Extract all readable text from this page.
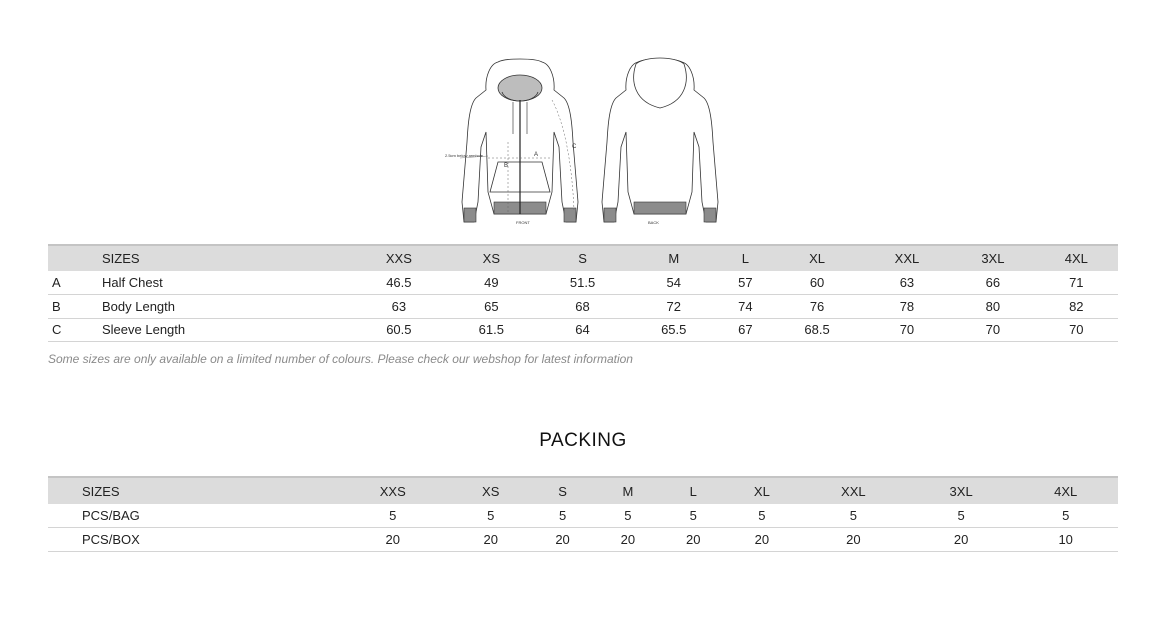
2.5cm below armhole	A
B
C
FRONT	BACK
	SIZES	XXS	XS	S	M	L	XL	XXL	3XL	4XL
A	Half Chest	46.5	49	51.5	54	57	60	63	66	71
B	Body Length	63	65	68	72	74	76	78	80	82
C	Sleeve Length	60.5	61.5	64	65.5	67	68.5	70	70	70
Some sizes are only available on a limited number of colours. Please check our webshop for latest information
PACKING
SIZES	XXS	XS	S	M	L	XL	XXL	3XL	4XL
PCS/BAG	5	5	5	5	5	5	5	5	5
PCS/BOX	20	20	20	20	20	20	20	20	10
